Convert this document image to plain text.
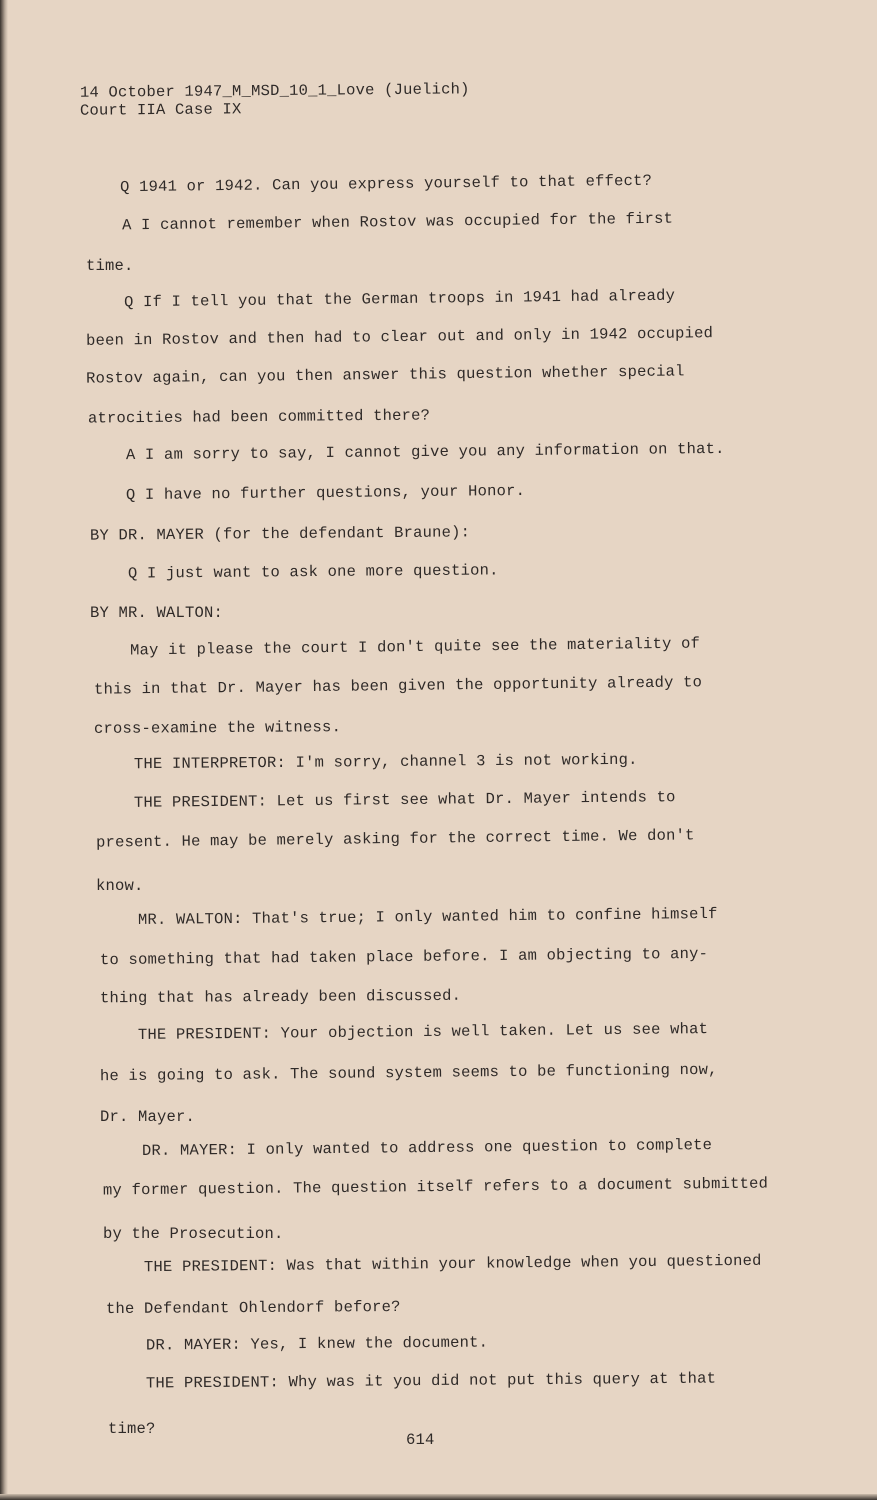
14 October 1947_M_MSD_10_1_Love (Juelich)
Court IIA Case IX
Q 1941 or 1942. Can you express yourself to that effect?
A I cannot remember when Rostov was occupied for the first
time.
Q If I tell you that the German troops in 1941 had already
been in Rostov and then had to clear out and only in 1942 occupied
Rostov again, can you then answer this question whether special
atrocities had been committed there?
A I am sorry to say, I cannot give you any information on that.
Q I have no further questions, your Honor.
BY DR. MAYER (for the defendant Braune):
Q I just want to ask one more question.
BY MR. WALTON:
May it please the court I don't quite see the materiality of
this in that Dr. Mayer has been given the opportunity already to
cross-examine the witness.
THE INTERPRETOR: I'm sorry, channel 3 is not working.
THE PRESIDENT: Let us first see what Dr. Mayer intends to
present. He may be merely asking for the correct time. We don't
know.
MR. WALTON: That's true; I only wanted him to confine himself
to something that had taken place before. I am objecting to any-
thing that has already been discussed.
THE PRESIDENT: Your objection is well taken. Let us see what
he is going to ask. The sound system seems to be functioning now,
Dr. Mayer.
DR. MAYER: I only wanted to address one question to complete
my former question. The question itself refers to a document submitted
by the Prosecution.
THE PRESIDENT: Was that within your knowledge when you questioned
the Defendant Ohlendorf before?
DR. MAYER: Yes, I knew the document.
THE PRESIDENT: Why was it you did not put this query at that
time?
614
